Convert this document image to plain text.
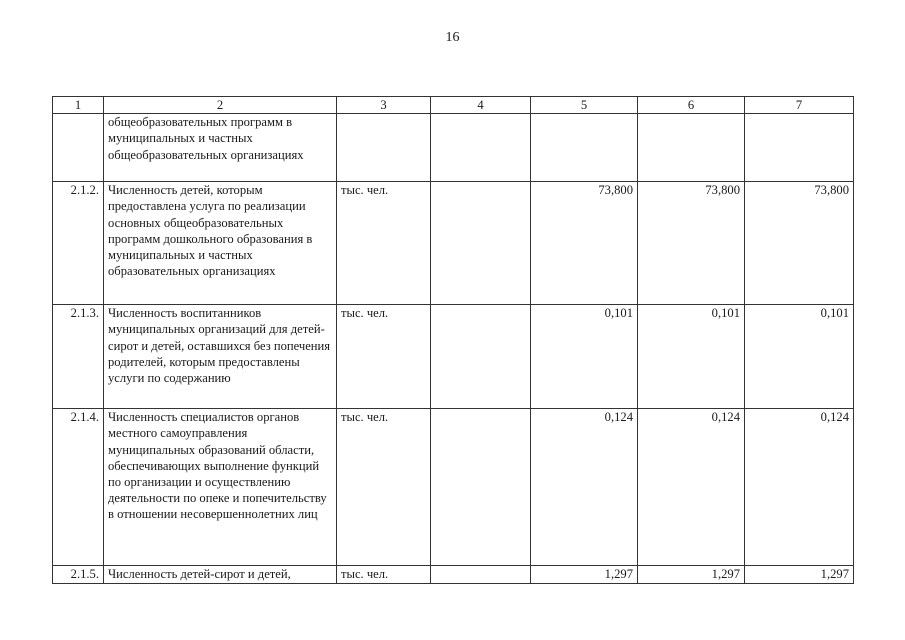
16
1	2	3	4	5	6	7
	общеобразовательных программ в муниципальных и частных общеобразовательных организациях					
2.1.2.	Численность детей, которым предоставлена услуга по реализации основных общеобразовательных программ дошкольного образования в муниципальных и частных образовательных организациях	тыс. чел.		73,800	73,800	73,800
2.1.3.	Численность воспитанников муниципальных организаций для детей-сирот и детей, оставшихся без попечения родителей, которым предоставлены услуги по содержанию	тыс. чел.		0,101	0,101	0,101
2.1.4.	Численность специалистов органов местного самоуправления муниципальных образований области, обеспечивающих выполнение функций по организации и осуществлению деятельности по опеке и попечительству в отношении несовершеннолетних лиц	тыс. чел.		0,124	0,124	0,124
2.1.5.	Численность детей-сирот и детей,	тыс. чел.		1,297	1,297	1,297
